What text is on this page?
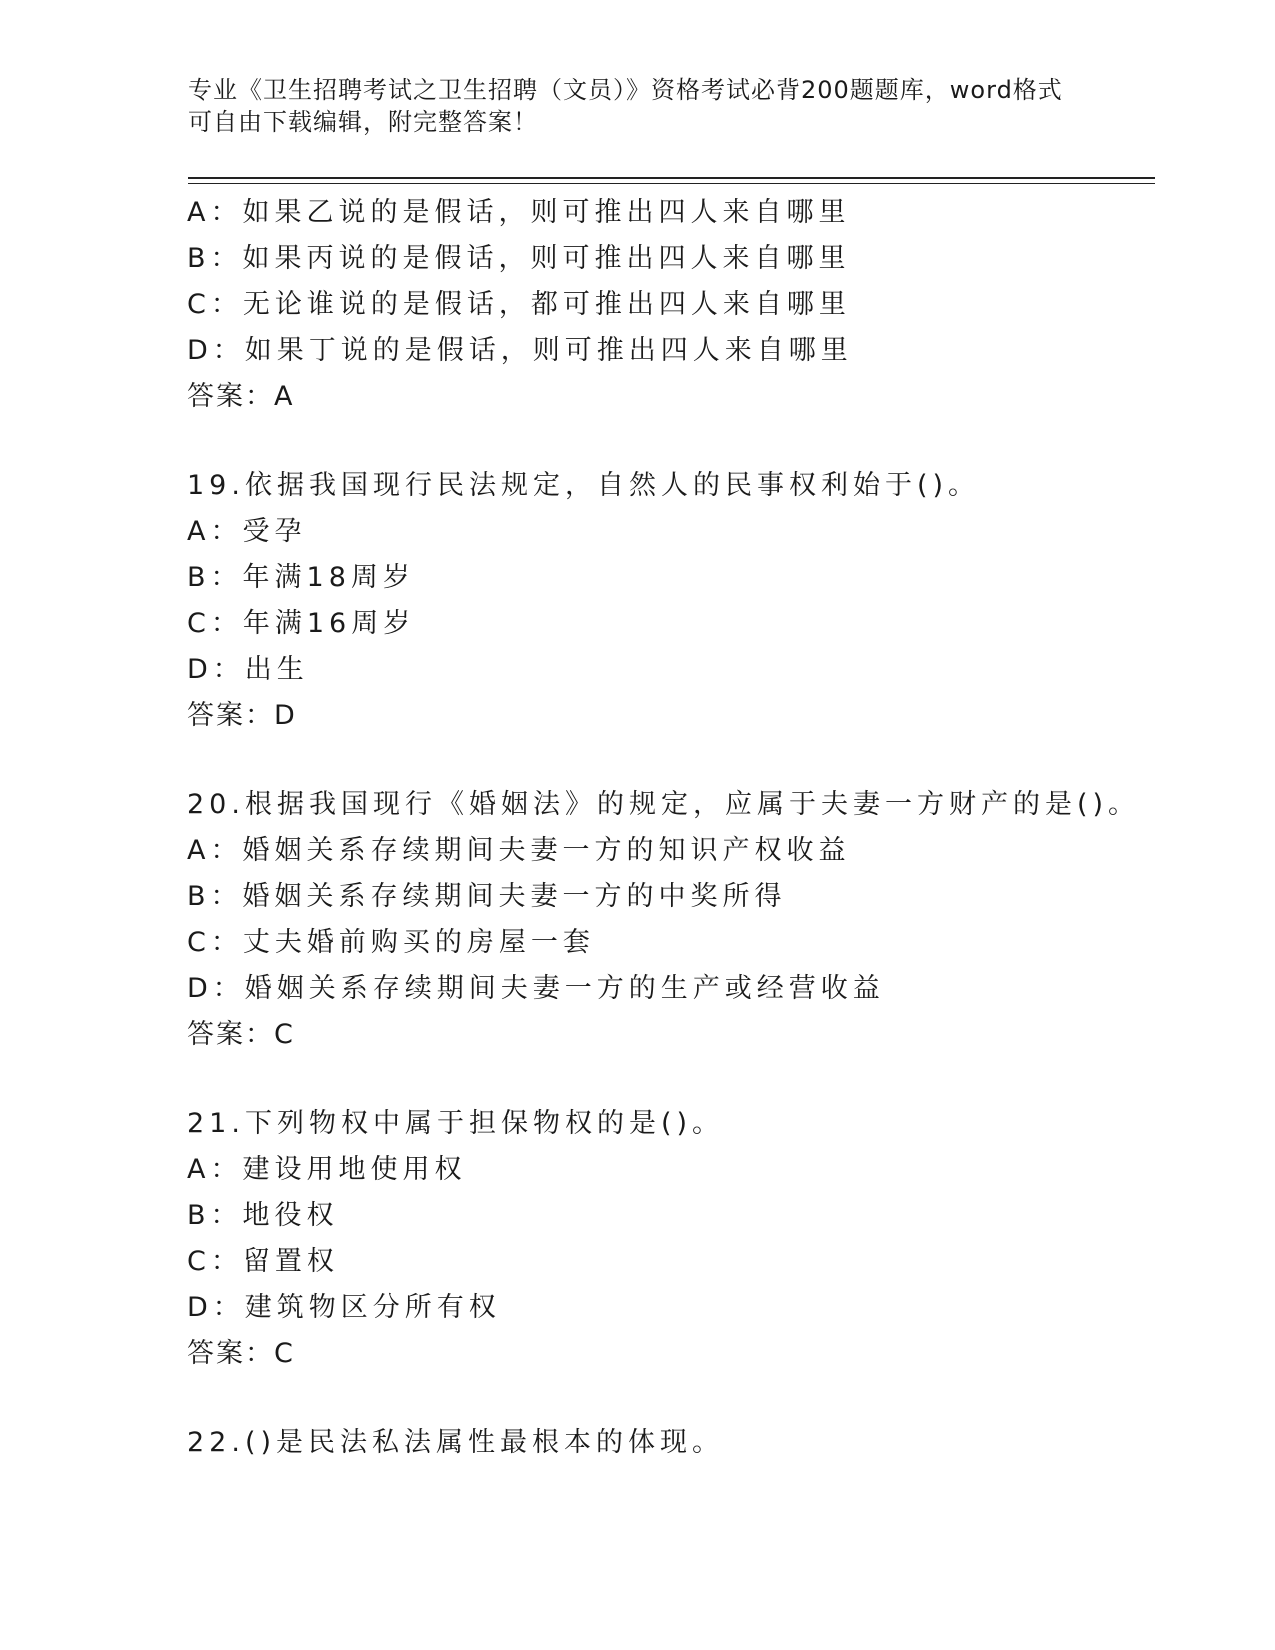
专业《卫生招聘考试之卫生招聘（文员）》资格考试必背200题题库，word格式
可自由下载编辑，附完整答案！
A：如果乙说的是假话，则可推出四人来自哪里
B：如果丙说的是假话，则可推出四人来自哪里
C：无论谁说的是假话，都可推出四人来自哪里
D：如果丁说的是假话，则可推出四人来自哪里
答案：A
19.依据我国现行民法规定，自然人的民事权利始于()。
A：受孕
B：年满18周岁
C：年满16周岁
D：出生
答案：D
20.根据我国现行《婚姻法》的规定，应属于夫妻一方财产的是()。
A：婚姻关系存续期间夫妻一方的知识产权收益
B：婚姻关系存续期间夫妻一方的中奖所得
C：丈夫婚前购买的房屋一套
D：婚姻关系存续期间夫妻一方的生产或经营收益
答案：C
21.下列物权中属于担保物权的是()。
A：建设用地使用权
B：地役权
C：留置权
D：建筑物区分所有权
答案：C
22.()是民法私法属性最根本的体现。
